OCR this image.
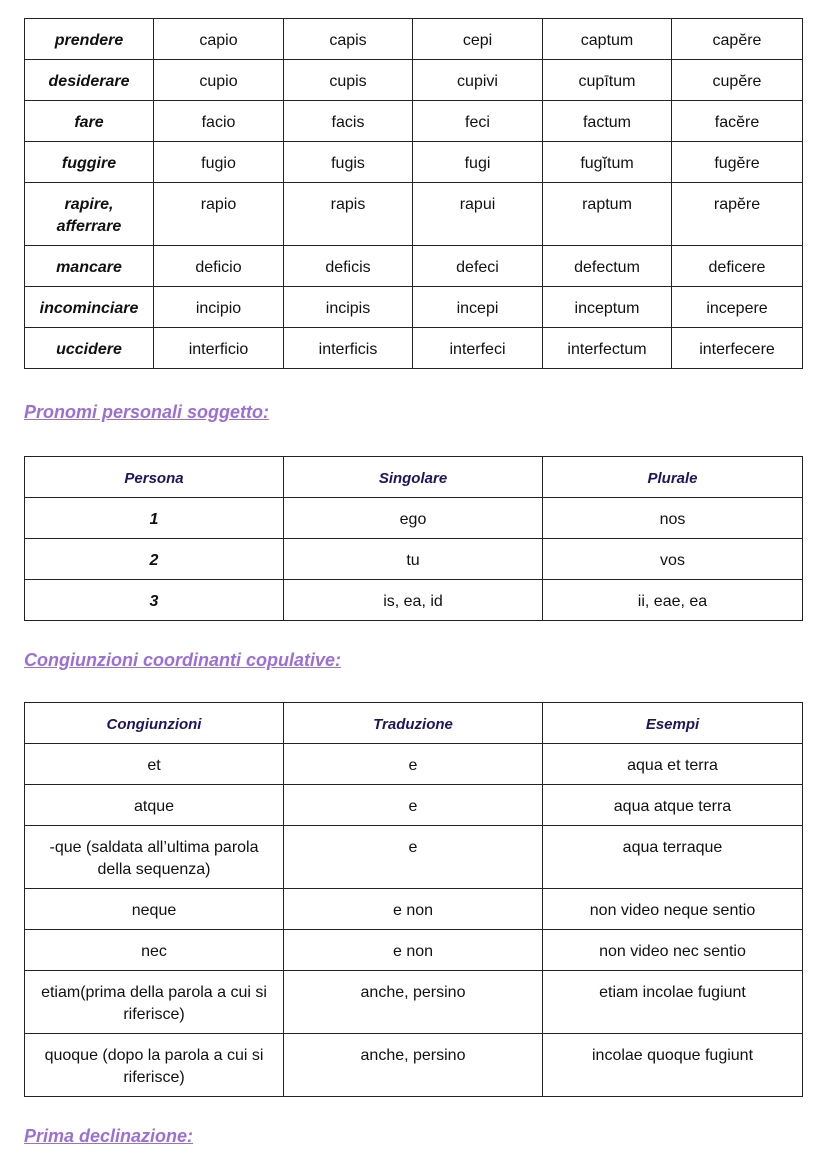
prendere	capio	capis	cepi	captum	capĕre
desiderare	cupio	cupis	cupivi	cupītum	cupĕre
fare	facio	facis	feci	factum	facĕre
fuggire	fugio	fugis	fugi	fugĭtum	fugĕre
rapire, afferrare	rapio	rapis	rapui	raptum	rapĕre
mancare	deficio	deficis	defeci	defectum	deficere
incominciare	incipio	incipis	incepi	inceptum	incepere
uccidere	interficio	interficis	interfeci	interfectum	interfecere
Pronomi personali soggetto:
Persona	Singolare	Plurale
1	ego	nos
2	tu	vos
3	is, ea, id	ii, eae, ea
Congiunzioni coordinanti copulative:
Congiunzioni	Traduzione	Esempi
et	e	aqua et terra
atque	e	aqua atque terra
-que (saldata all’ultima parola della sequenza)	e	aqua terraque
neque	e non	non video neque sentio
nec	e non	non video nec sentio
etiam(prima della parola a cui si riferisce)	anche, persino	etiam incolae fugiunt
quoque (dopo la parola a cui si riferisce)	anche, persino	incolae quoque fugiunt
Prima declinazione:
